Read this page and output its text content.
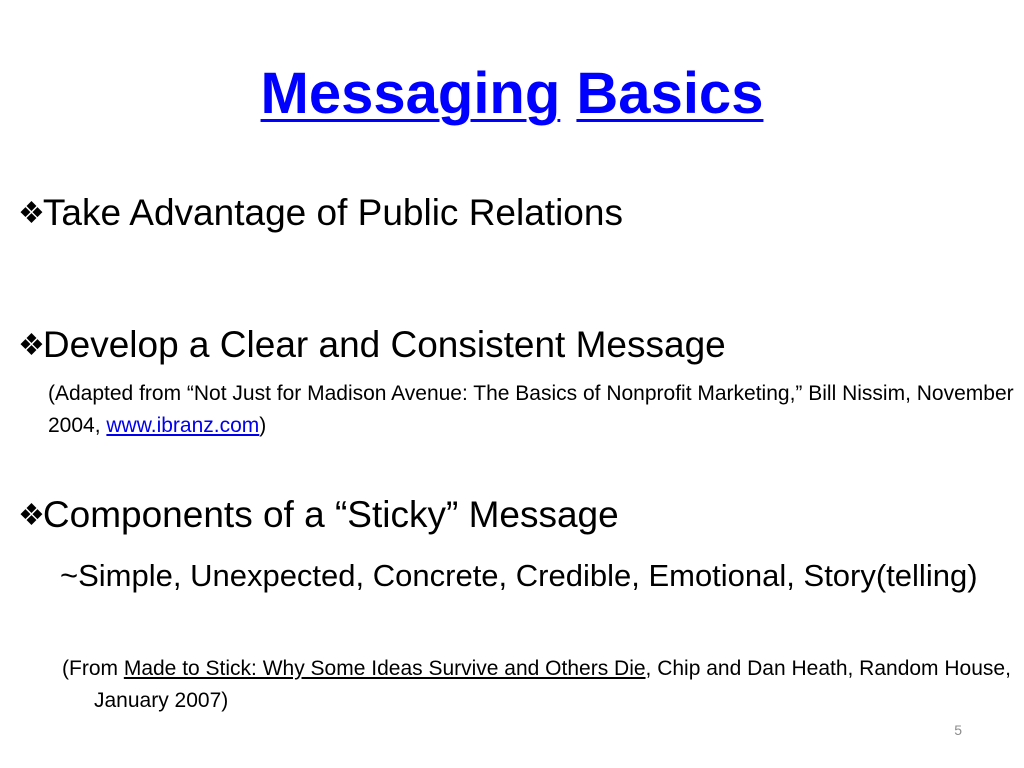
Messaging Basics
❖Take Advantage of Public Relations
❖Develop a Clear and Consistent Message
(Adapted from “Not Just for Madison Avenue: The Basics of Nonprofit Marketing,” Bill Nissim, November 2004, www.ibranz.com)
❖Components of a “Sticky” Message
~Simple, Unexpected, Concrete, Credible, Emotional, Story(telling)
(From Made to Stick: Why Some Ideas Survive and Others Die, Chip and Dan Heath, Random House, January 2007)
5
